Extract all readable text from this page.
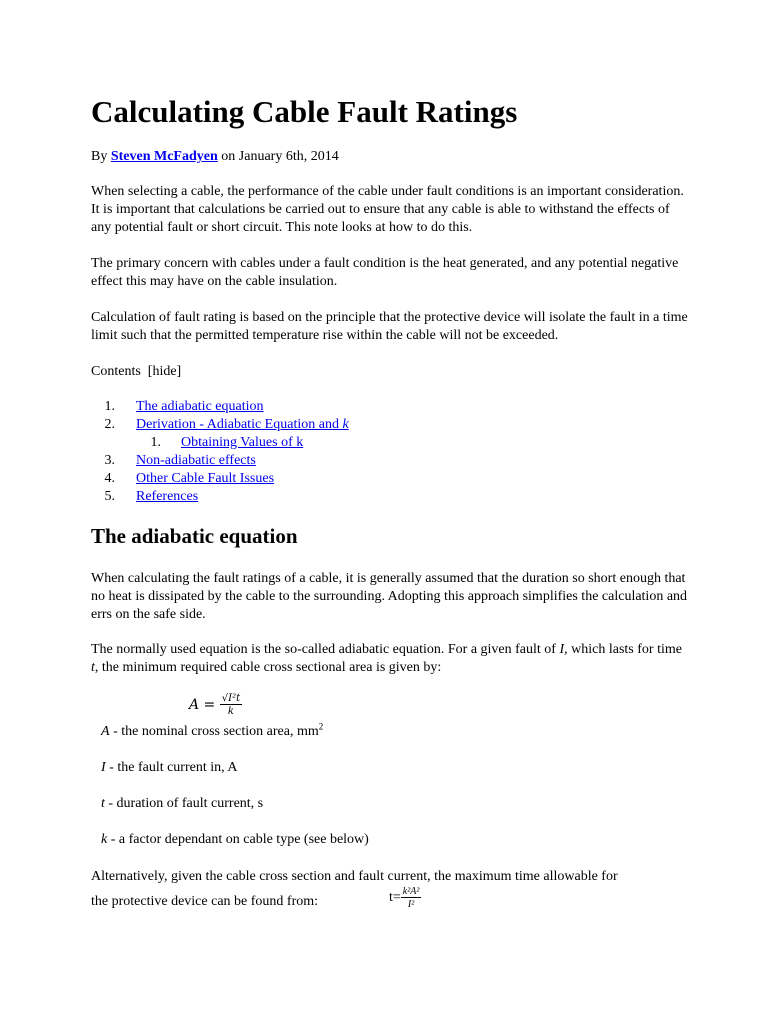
Calculating Cable Fault Ratings

By Steven McFadyen on January 6th, 2014

When selecting a cable, the performance of the cable under fault conditions is an important consideration. It is important that calculations be carried out to ensure that any cable is able to withstand the effects of any potential fault or short circuit. This note looks at how to do this.

The primary concern with cables under a fault condition is the heat generated, and any potential negative effect this may have on the cable insulation.

Calculation of fault rating is based on the principle that the protective device will isolate the fault in a time limit such that the permitted temperature rise within the cable will not be exceeded.

Contents [hide]

1. The adiabatic equation
2. Derivation - Adiabatic Equation and k
1. Obtaining Values of k
3. Non-adiabatic effects
4. Other Cable Fault Issues
5. References
The adiabatic equation

When calculating the fault ratings of a cable, it is generally assumed that the duration so short enough that no heat is dissipated by the cable to the surrounding. Adopting this approach simplifies the calculation and errs on the safe side.

The normally used equation is the so-called adiabatic equation. For a given fault of I, which lasts for time t, the minimum required cable cross sectional area is given by:

$A = \frac{\text{√I²t}}{k}$

A - the nominal cross section area, $mm^2$

I - the fault current in, A

t - duration of fault current, s

k - a factor dependant on cable type (see below)

Alternatively, given the cable cross section and fault current, the maximum time allowable for

the protective device can be found from:	$t= \frac{\text{k²A²}}{\text{I²}}$
